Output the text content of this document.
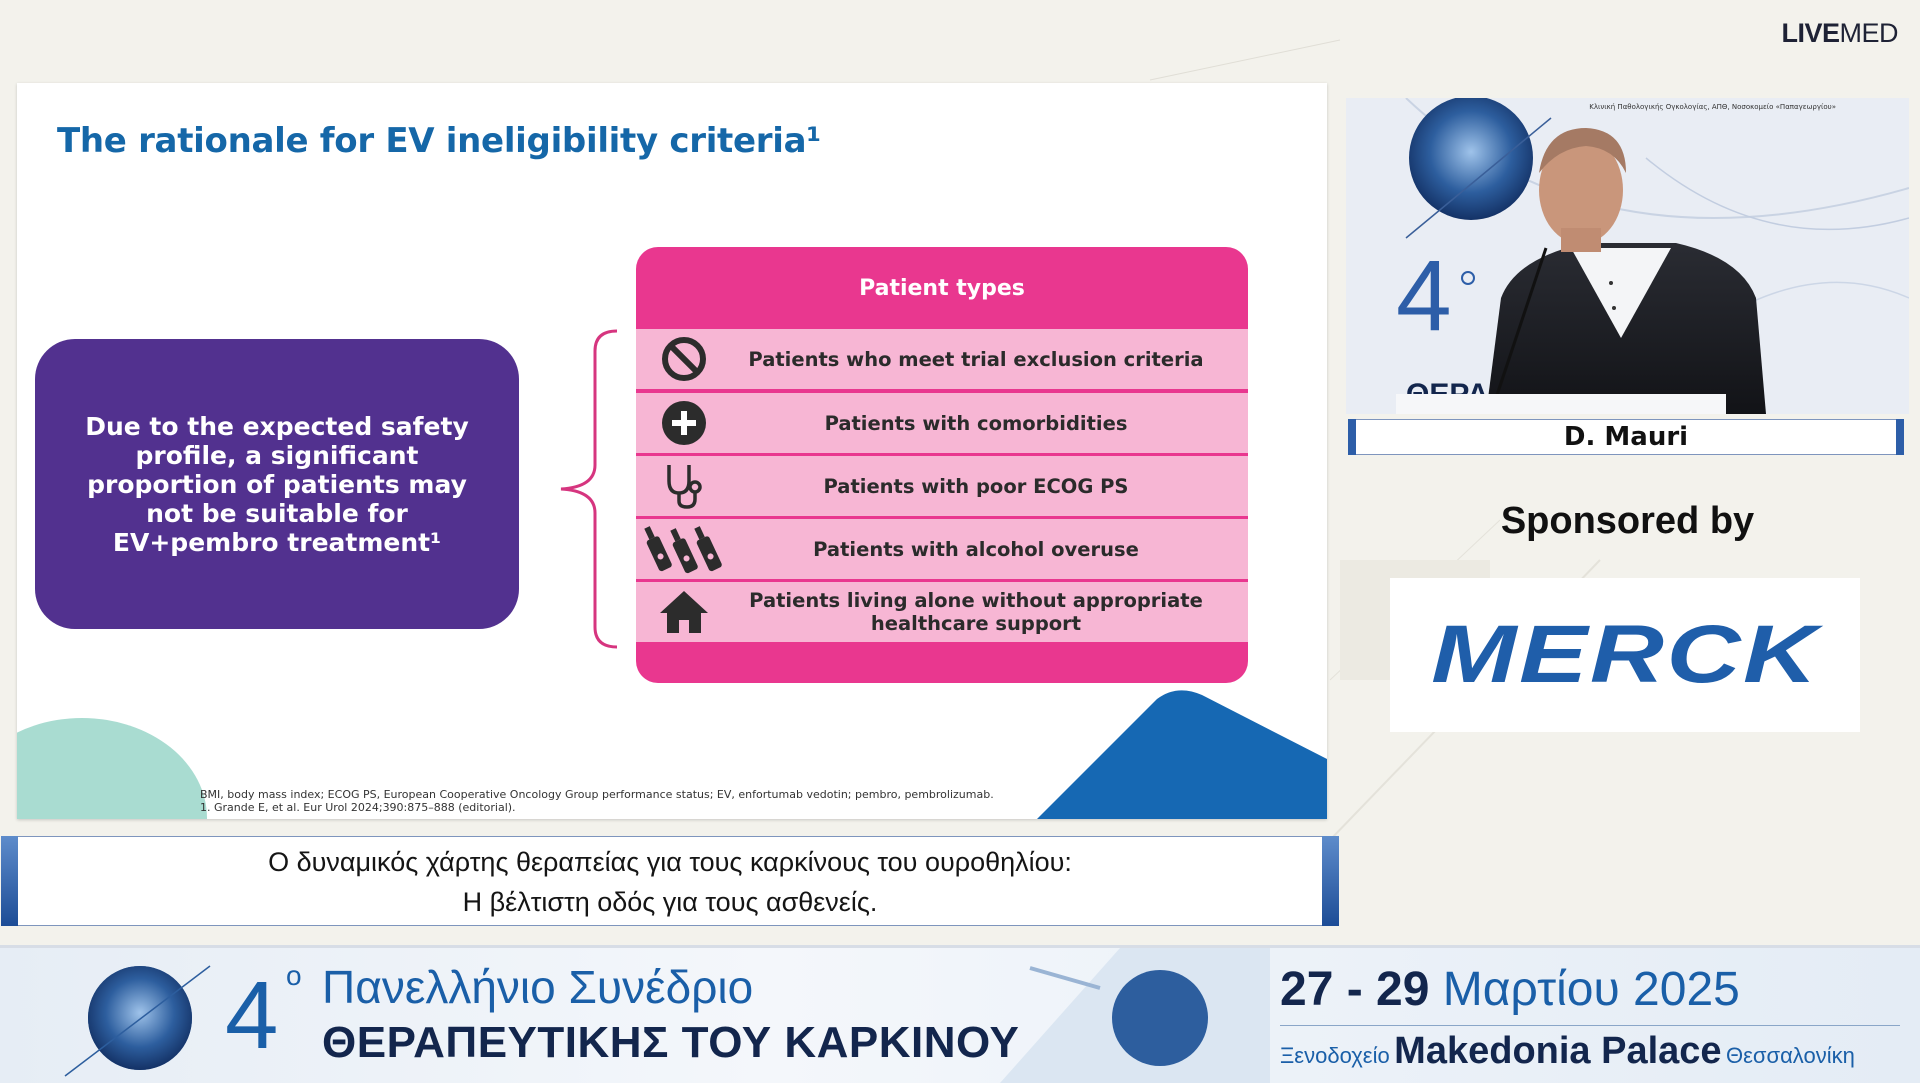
LIVEMED
The rationale for EV ineligibility criteria¹
Due to the expected safety profile, a significant proportion of patients may not be suitable for EV+pembro treatment¹
Patient types
Patients who meet trial exclusion criteria
Patients with comorbidities
Patients with poor ECOG PS
Patients with alcohol overuse
Patients living alone without appropriate healthcare support
BMI, body mass index; ECOG PS, European Cooperative Oncology Group performance status; EV, enfortumab vedotin; pembro, pembrolizumab.
1. Grande E, et al. Eur Urol 2024;390:875–888 (editorial).
Κλινική Παθολογικής Ογκολογίας, ΑΠΘ, Νοσοκομείο «Παπαγεωργίου»
4
D. Mauri
Sponsored by
MERCK
Ο δυναμικός χάρτης θεραπείας για τους καρκίνους του ουροθηλίου:
Η βέλτιστη οδός για τους ασθενείς.
4 ο Πανελλήνιο Συνέδριο
ΘΕΡΑΠΕΥΤΙΚΗΣ ΤΟΥ ΚΑΡΚΙΝΟΥ
27 - 29 Μαρτίου 2025
Ξενοδοχείο Makedonia Palace Θεσσαλονίκη
